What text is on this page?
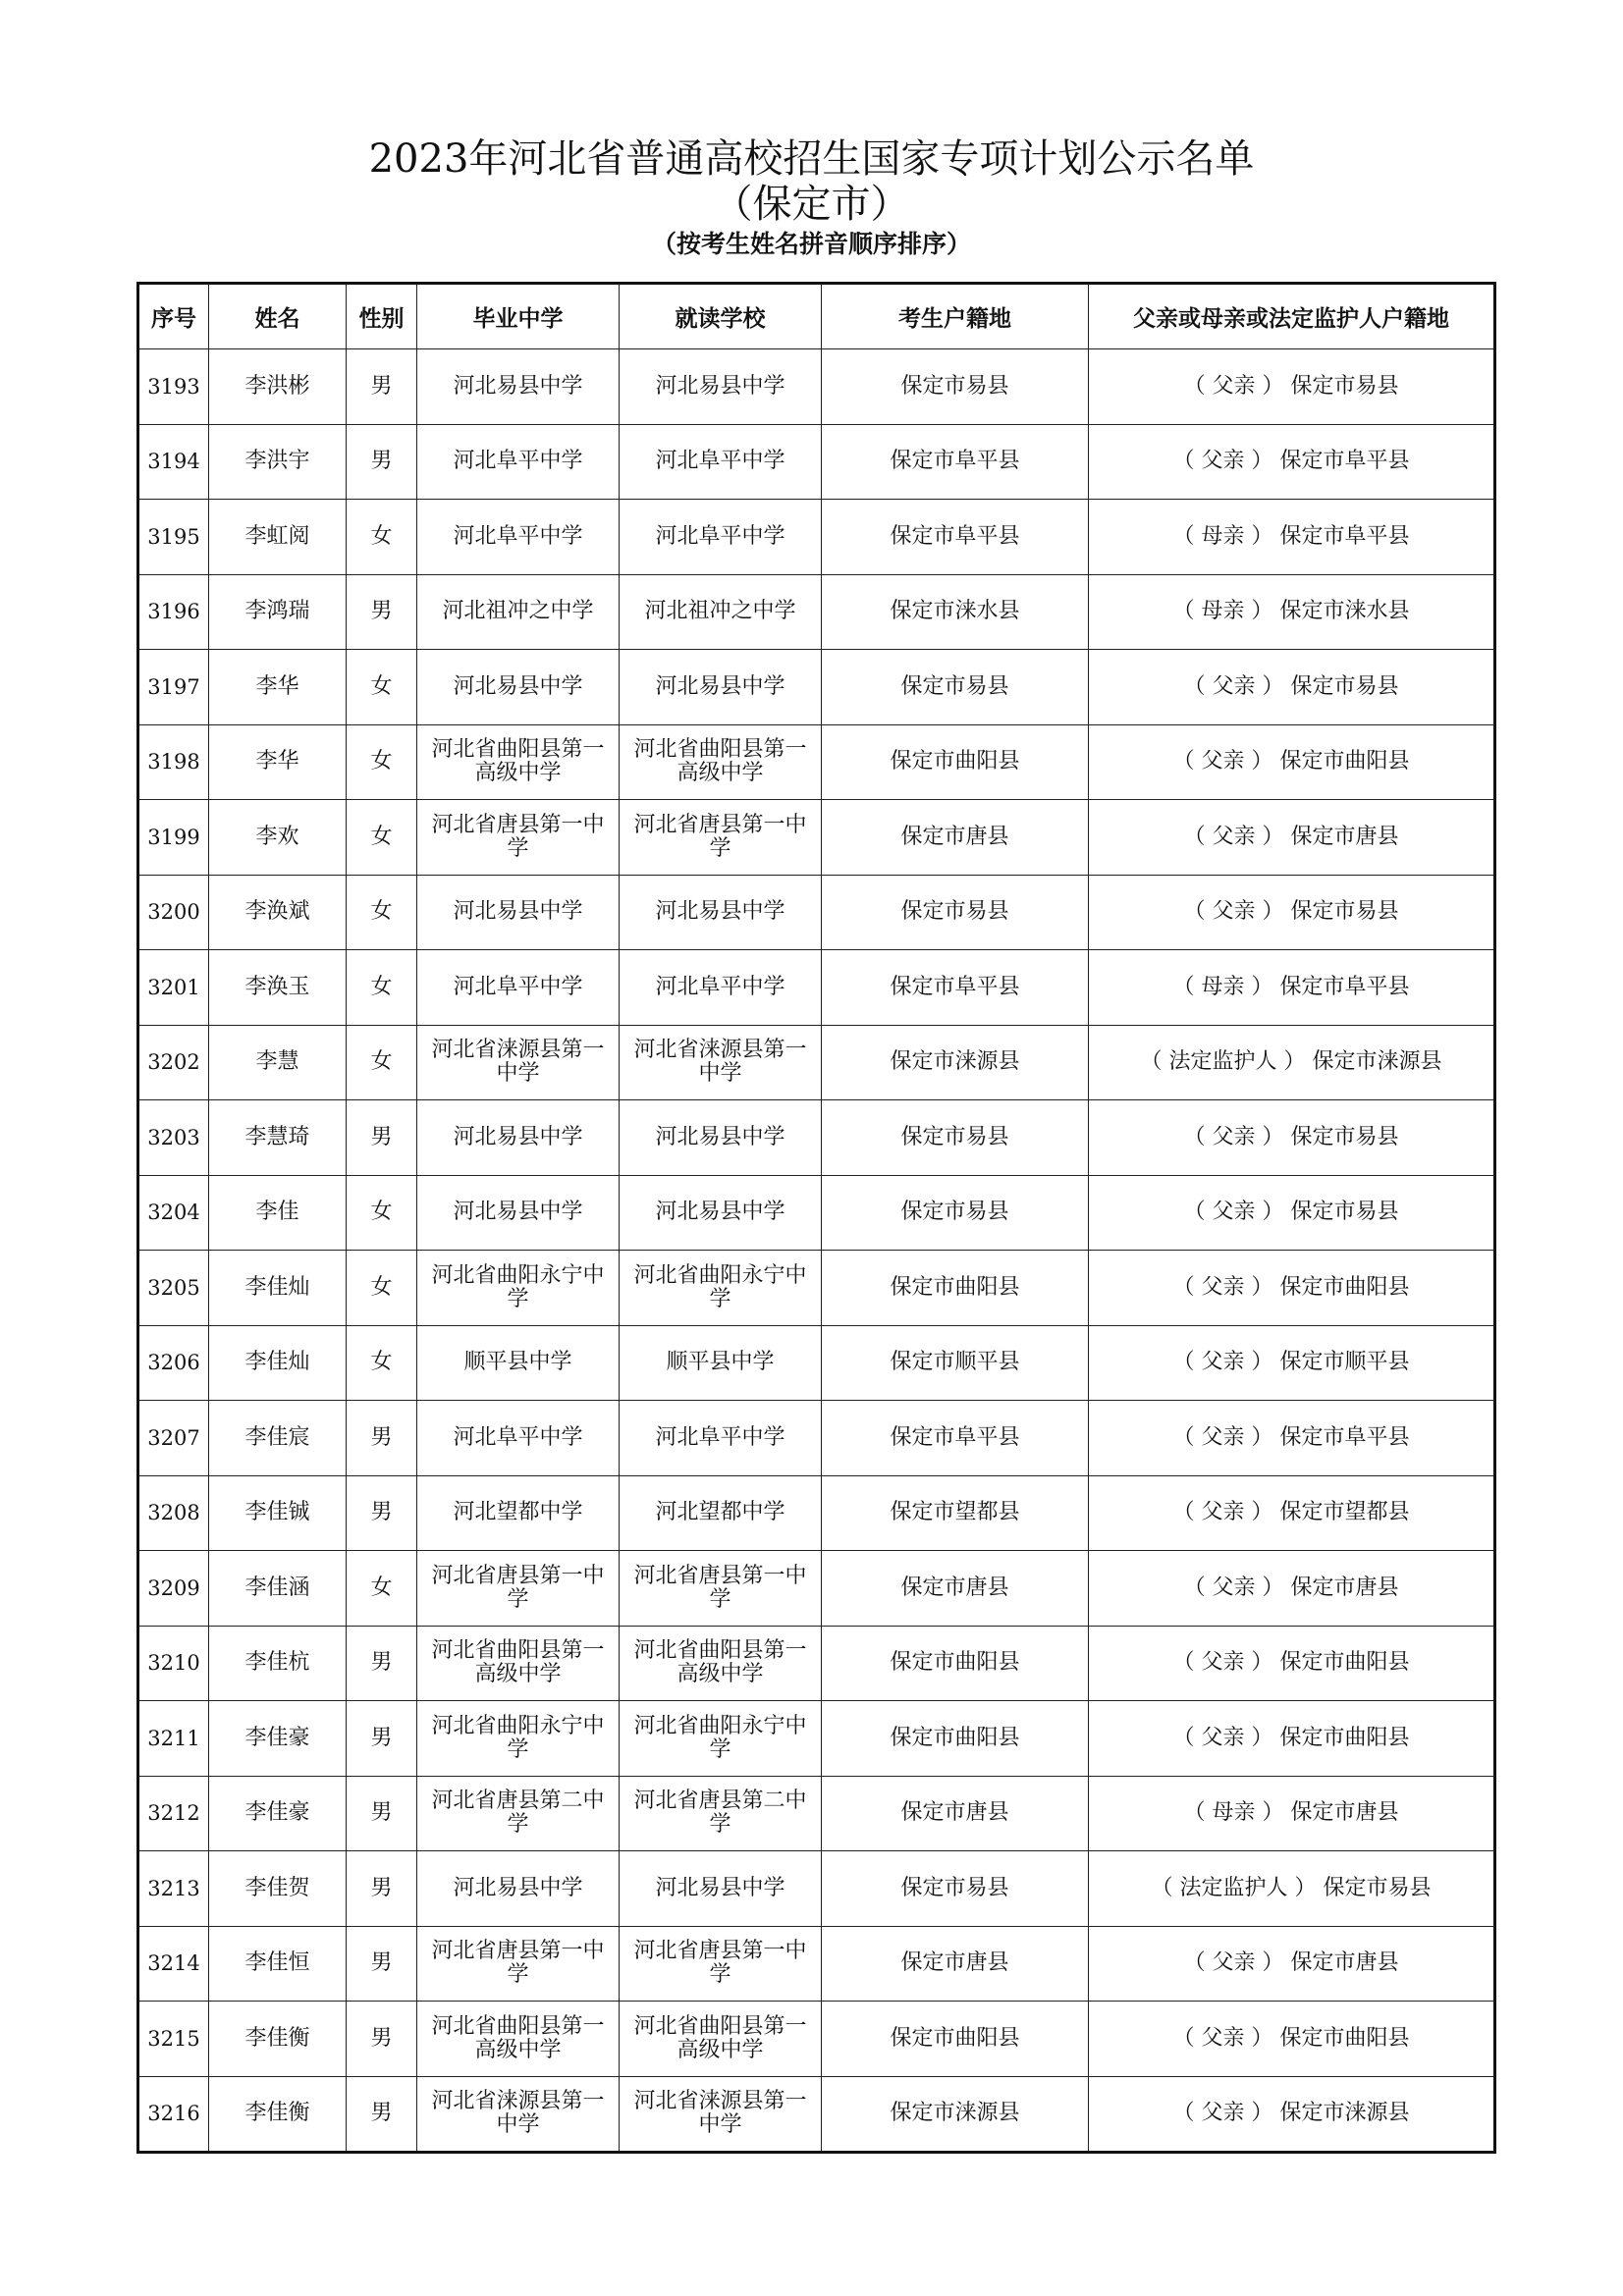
2023年河北省普通高校招生国家专项计划公示名单
（保定市）
（按考生姓名拼音顺序排序）
序号	姓名	性别	毕业中学	就读学校	考生户籍地	父亲或母亲或法定监护人户籍地
3193	李洪彬	男	河北易县中学	河北易县中学	保定市易县	（ 父亲 ） 保定市易县
3194	李洪宇	男	河北阜平中学	河北阜平中学	保定市阜平县	（ 父亲 ） 保定市阜平县
3195	李虹阅	女	河北阜平中学	河北阜平中学	保定市阜平县	（ 母亲 ） 保定市阜平县
3196	李鸿瑞	男	河北祖冲之中学	河北祖冲之中学	保定市涞水县	（ 母亲 ） 保定市涞水县
3197	李华	女	河北易县中学	河北易县中学	保定市易县	（ 父亲 ） 保定市易县
3198	李华	女	河北省曲阳县第一高级中学	河北省曲阳县第一高级中学	保定市曲阳县	（ 父亲 ） 保定市曲阳县
3199	李欢	女	河北省唐县第一中学	河北省唐县第一中学	保定市唐县	（ 父亲 ） 保定市唐县
3200	李涣斌	女	河北易县中学	河北易县中学	保定市易县	（ 父亲 ） 保定市易县
3201	李涣玉	女	河北阜平中学	河北阜平中学	保定市阜平县	（ 母亲 ） 保定市阜平县
3202	李慧	女	河北省涞源县第一中学	河北省涞源县第一中学	保定市涞源县	（ 法定监护人 ） 保定市涞源县
3203	李慧琦	男	河北易县中学	河北易县中学	保定市易县	（ 父亲 ） 保定市易县
3204	李佳	女	河北易县中学	河北易县中学	保定市易县	（ 父亲 ） 保定市易县
3205	李佳灿	女	河北省曲阳永宁中学	河北省曲阳永宁中学	保定市曲阳县	（ 父亲 ） 保定市曲阳县
3206	李佳灿	女	顺平县中学	顺平县中学	保定市顺平县	（ 父亲 ） 保定市顺平县
3207	李佳宸	男	河北阜平中学	河北阜平中学	保定市阜平县	（ 父亲 ） 保定市阜平县
3208	李佳铖	男	河北望都中学	河北望都中学	保定市望都县	（ 父亲 ） 保定市望都县
3209	李佳涵	女	河北省唐县第一中学	河北省唐县第一中学	保定市唐县	（ 父亲 ） 保定市唐县
3210	李佳杭	男	河北省曲阳县第一高级中学	河北省曲阳县第一高级中学	保定市曲阳县	（ 父亲 ） 保定市曲阳县
3211	李佳豪	男	河北省曲阳永宁中学	河北省曲阳永宁中学	保定市曲阳县	（ 父亲 ） 保定市曲阳县
3212	李佳豪	男	河北省唐县第二中学	河北省唐县第二中学	保定市唐县	（ 母亲 ） 保定市唐县
3213	李佳贺	男	河北易县中学	河北易县中学	保定市易县	（ 法定监护人 ） 保定市易县
3214	李佳恒	男	河北省唐县第一中学	河北省唐县第一中学	保定市唐县	（ 父亲 ） 保定市唐县
3215	李佳衡	男	河北省曲阳县第一高级中学	河北省曲阳县第一高级中学	保定市曲阳县	（ 父亲 ） 保定市曲阳县
3216	李佳衡	男	河北省涞源县第一中学	河北省涞源县第一中学	保定市涞源县	（ 父亲 ） 保定市涞源县
